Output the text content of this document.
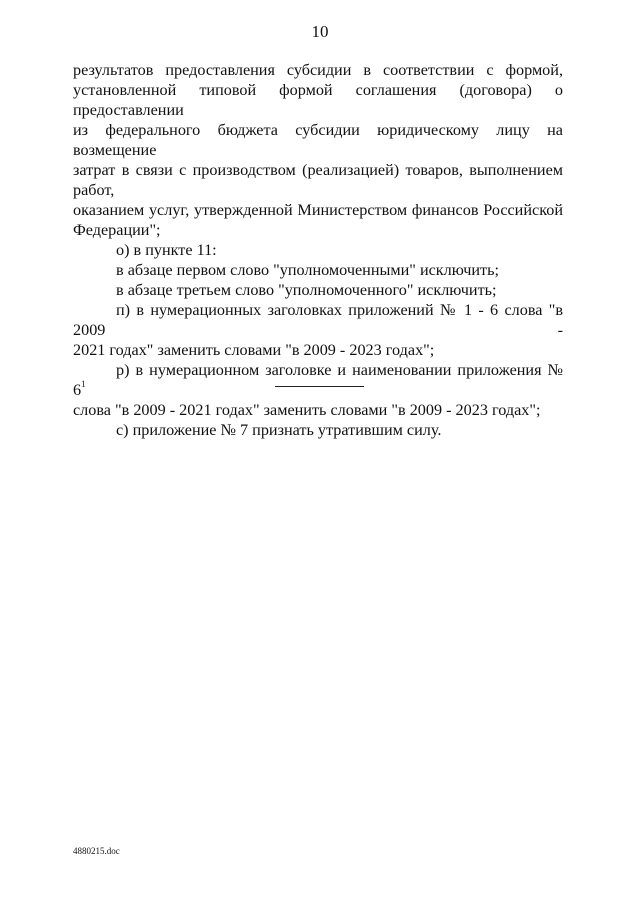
10

результатов предоставления субсидии в соответствии с формой,

установленной типовой формой соглашения (договора) о предоставлении

из федерального бюджета субсидии юридическому лицу на возмещение

затрат в связи с производством (реализацией) товаров, выполнением работ,

оказанием услуг, утвержденной Министерством финансов Российской

Федерации";

о) в пункте 11:

в абзаце первом слово "уполномоченными" исключить;

в абзаце третьем слово "уполномоченного" исключить;

п) в нумерационных заголовках приложений № 1 - 6 слова "в 2009 -

2021 годах" заменить словами "в 2009 - 2023 годах";

р) в нумерационном заголовке и наименовании приложения № $6^1$

слова "в 2009 - 2021 годах" заменить словами "в 2009 - 2023 годах";

с) приложение № 7 признать утратившим силу.

4880215.doc
